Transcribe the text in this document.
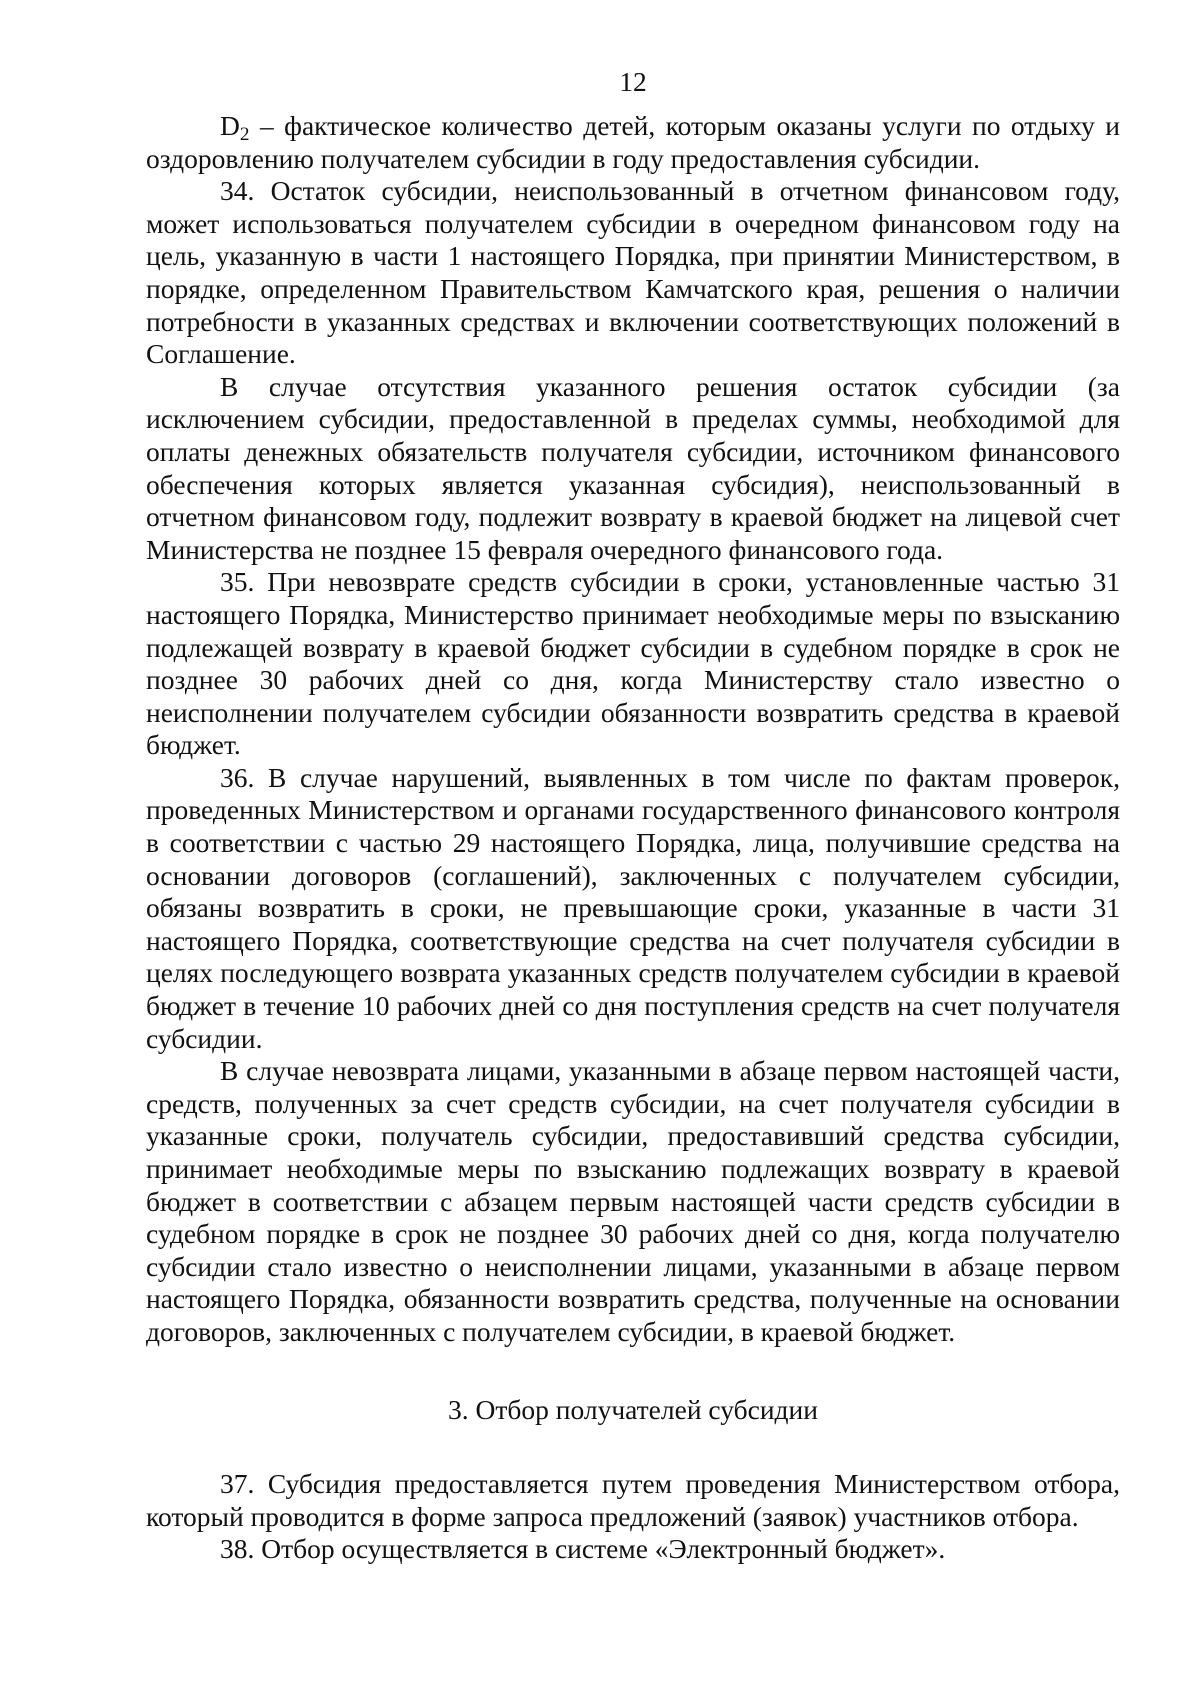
12

$D_2$ – фактическое количество детей, которым оказаны услуги по отдыху и оздоровлению получателем субсидии в году предоставления субсидии.

34. Остаток субсидии, неиспользованный в отчетном финансовом году, может использоваться получателем субсидии в очередном финансовом году на цель, указанную в части 1 настоящего Порядка, при принятии Министерством, в порядке, определенном Правительством Камчатского края, решения о наличии потребности в указанных средствах и включении соответствующих положений в Соглашение.

В случае отсутствия указанного решения остаток субсидии (за исключением субсидии, предоставленной в пределах суммы, необходимой для оплаты денежных обязательств получателя субсидии, источником финансового обеспечения которых является указанная субсидия), неиспользованный в отчетном финансовом году, подлежит возврату в краевой бюджет на лицевой счет Министерства не позднее 15 февраля очередного финансового года.

35. При невозврате средств субсидии в сроки, установленные частью 31 настоящего Порядка, Министерство принимает необходимые меры по взысканию подлежащей возврату в краевой бюджет субсидии в судебном порядке в срок не позднее 30 рабочих дней со дня, когда Министерству стало известно о неисполнении получателем субсидии обязанности возвратить средства в краевой бюджет.

36. В случае нарушений, выявленных в том числе по фактам проверок, проведенных Министерством и органами государственного финансового контроля в соответствии с частью 29 настоящего Порядка, лица, получившие средства на основании договоров (соглашений), заключенных с получателем субсидии, обязаны возвратить в сроки, не превышающие сроки, указанные в части 31 настоящего Порядка, соответствующие средства на счет получателя субсидии в целях последующего возврата указанных средств получателем субсидии в краевой бюджет в течение 10 рабочих дней со дня поступления средств на счет получателя субсидии.

В случае невозврата лицами, указанными в абзаце первом настоящей части, средств, полученных за счет средств субсидии, на счет получателя субсидии в указанные сроки, получатель субсидии, предоставивший средства субсидии, принимает необходимые меры по взысканию подлежащих возврату в краевой бюджет в соответствии с абзацем первым настоящей части средств субсидии в судебном порядке в срок не позднее 30 рабочих дней со дня, когда получателю субсидии стало известно о неисполнении лицами, указанными в абзаце первом настоящего Порядка, обязанности возвратить средства, полученные на основании договоров, заключенных с получателем субсидии, в краевой бюджет.

3. Отбор получателей субсидии

37. Субсидия предоставляется путем проведения Министерством отбора, который проводится в форме запроса предложений (заявок) участников отбора.

38. Отбор осуществляется в системе «Электронный бюджет».
